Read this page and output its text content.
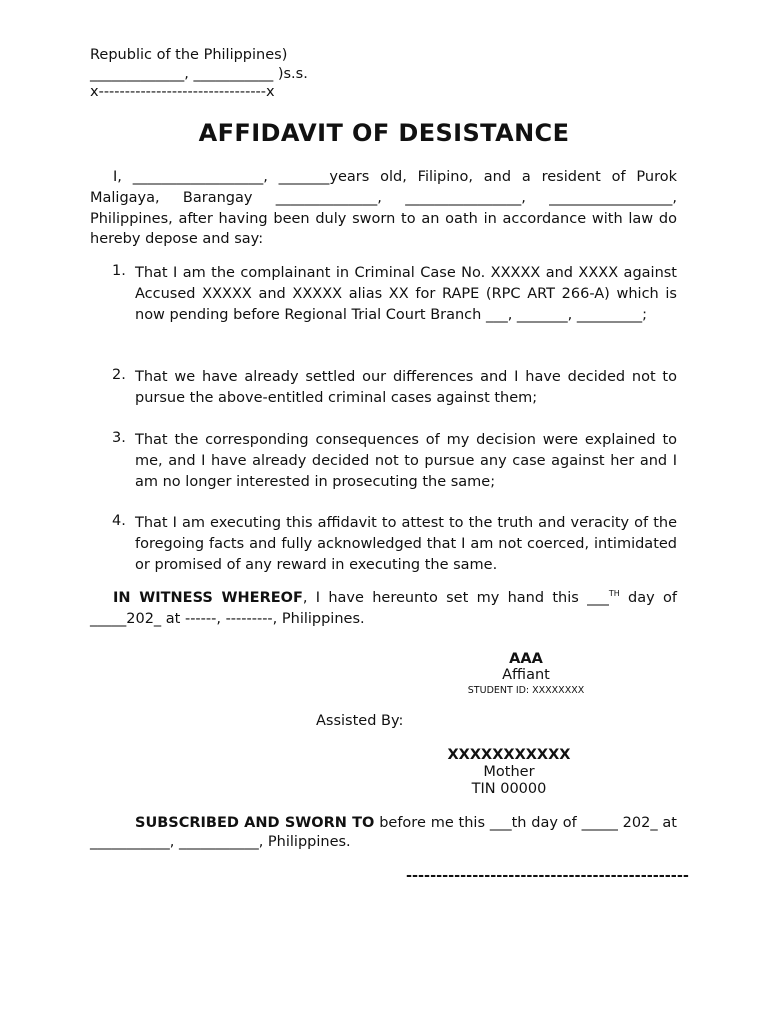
Republic of the Philippines)
_____________, ___________ )s.s.
x--------------------------------x
AFFIDAVIT OF DESISTANCE
I, __________________, _______years old, Filipino, and a resident of Purok Maligaya, Barangay ______________, ________________, _________________, Philippines, after having been duly sworn to an oath in accordance with law do hereby depose and say:
1. That I am the complainant in Criminal Case No. XXXXX and XXXX against Accused XXXXX and XXXXX alias XX for RAPE (RPC ART 266-A) which is now pending before Regional Trial Court Branch ___, _______, _________;
2. That we have already settled our differences and I have decided not to pursue the above-entitled criminal cases against them;
3. That the corresponding consequences of my decision were explained to me, and I have already decided not to pursue any case against her and I am no longer interested in prosecuting the same;
4. That I am executing this affidavit to attest to the truth and veracity of the foregoing facts and fully acknowledged that I am not coerced, intimidated or promised of any reward in executing the same.
IN WITNESS WHEREOF, I have hereunto set my hand this ___$^{TH}$ day of _____202_ at ------, ---------, Philippines.
AAA
Affiant
STUDENT ID: XXXXXXXX
Assisted By:
XXXXXXXXXXX
Mother
TIN 00000
SUBSCRIBED AND SWORN TO before me this ___th day of _____ 202_ at ___________, ___________, Philippines.
-----------------------------------------------
